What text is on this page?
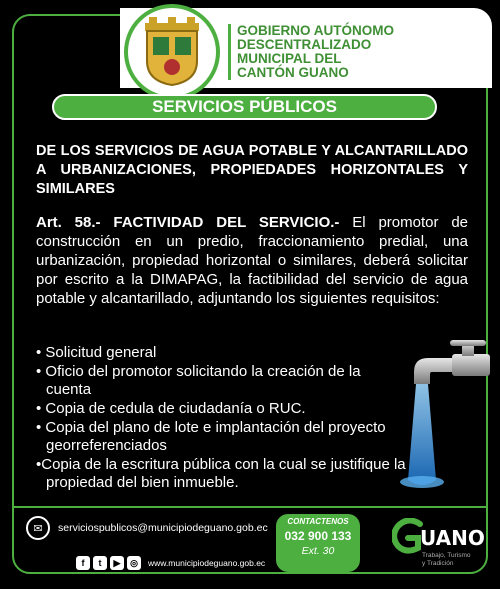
GOBIERNO AUTÓNOMO
DESCENTRALIZADO
MUNICIPAL DEL
CANTÓN GUANO
SERVICIOS PÚBLICOS
DE LOS SERVICIOS DE AGUA POTABLE Y ALCANTARILLADO A URBANIZACIONES, PROPIEDADES HORIZONTALES Y SIMILARES
Art. 58.- FACTIVIDAD DEL SERVICIO.- El promotor de construcción en un predio, fraccionamiento predial, una urbanización, propiedad horizontal o similares, deberá solicitar por escrito a la DIMAPAG, la factibilidad del servicio de agua potable y alcantarillado, adjuntando los siguientes requisitos:
• Solicitud general
• Oficio del promotor solicitando la creación de la cuenta
• Copia de cedula de ciudadanía o RUC.
• Copia del plano de lote e implantación del proyecto georreferenciados
•Copia de la escritura pública con la cual se justifique la propiedad del bien inmueble.
✉	serviciospublicos@municipiodeguano.gob.ec
f	t	▶	◎	www.municipiodeguano.gob.ec
CONTACTENOS
032 900 133
Ext. 30
UANO
Trabajo, Turismo
y Tradición
